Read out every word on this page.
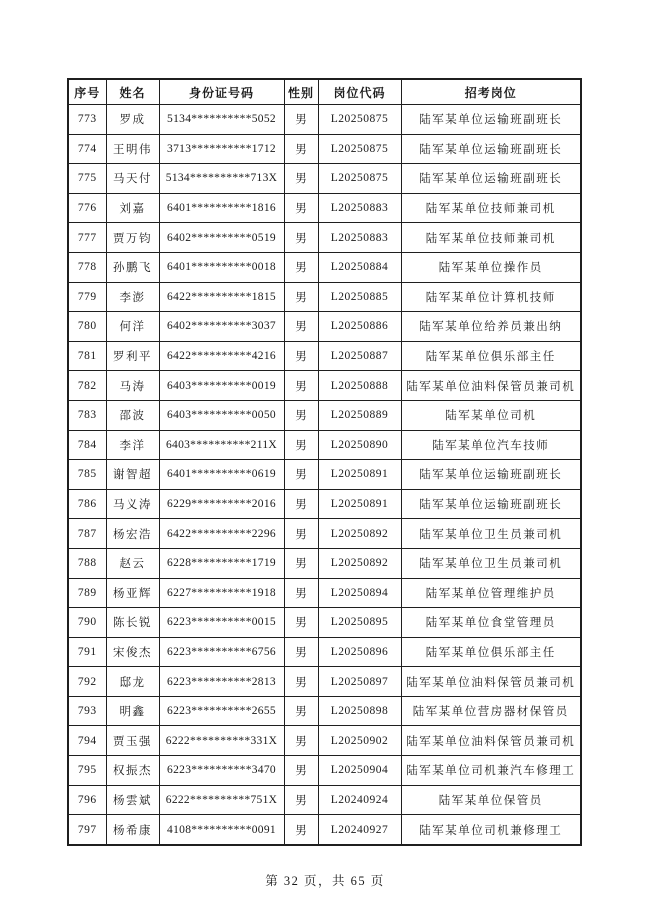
序号	姓名	身份证号码	性别	岗位代码	招考岗位
773	罗成	5134**********5052	男	L20250875	陆军某单位运输班副班长
774	王明伟	3713**********1712	男	L20250875	陆军某单位运输班副班长
775	马天付	5134**********713X	男	L20250875	陆军某单位运输班副班长
776	刘嘉	6401**********1816	男	L20250883	陆军某单位技师兼司机
777	贾万钧	6402**********0519	男	L20250883	陆军某单位技师兼司机
778	孙鹏飞	6401**********0018	男	L20250884	陆军某单位操作员
779	李澎	6422**********1815	男	L20250885	陆军某单位计算机技师
780	何洋	6402**********3037	男	L20250886	陆军某单位给养员兼出纳
781	罗利平	6422**********4216	男	L20250887	陆军某单位俱乐部主任
782	马涛	6403**********0019	男	L20250888	陆军某单位油料保管员兼司机
783	邵波	6403**********0050	男	L20250889	陆军某单位司机
784	李洋	6403**********211X	男	L20250890	陆军某单位汽车技师
785	谢智超	6401**********0619	男	L20250891	陆军某单位运输班副班长
786	马义涛	6229**********2016	男	L20250891	陆军某单位运输班副班长
787	杨宏浩	6422**********2296	男	L20250892	陆军某单位卫生员兼司机
788	赵云	6228**********1719	男	L20250892	陆军某单位卫生员兼司机
789	杨亚辉	6227**********1918	男	L20250894	陆军某单位管理维护员
790	陈长锐	6223**********0015	男	L20250895	陆军某单位食堂管理员
791	宋俊杰	6223**********6756	男	L20250896	陆军某单位俱乐部主任
792	邸龙	6223**********2813	男	L20250897	陆军某单位油料保管员兼司机
793	明鑫	6223**********2655	男	L20250898	陆军某单位营房器材保管员
794	贾玉强	6222**********331X	男	L20250902	陆军某单位油料保管员兼司机
795	权振杰	6223**********3470	男	L20250904	陆军某单位司机兼汽车修理工
796	杨雲斌	6222**********751X	男	L20240924	陆军某单位保管员
797	杨希康	4108**********0091	男	L20240927	陆军某单位司机兼修理工
第 32 页，共 65 页
